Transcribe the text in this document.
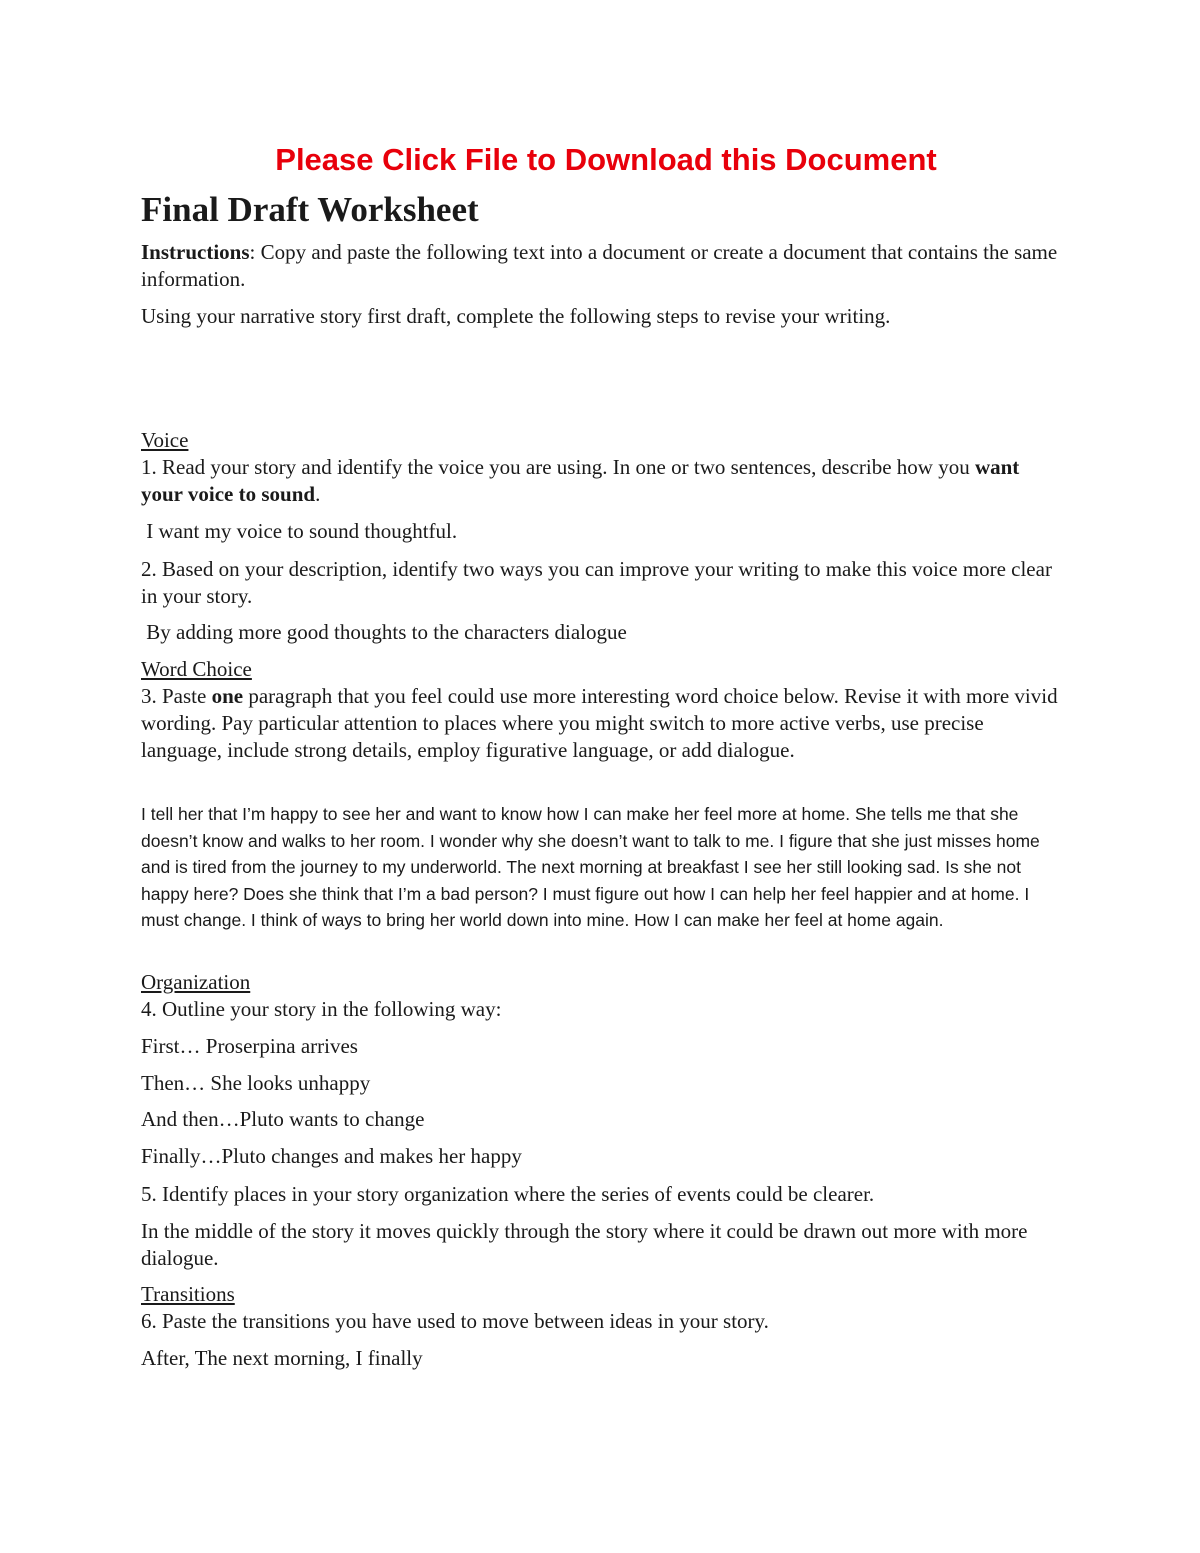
Please Click File to Download this Document
Final Draft Worksheet

Instructions: Copy and paste the following text into a document or create a document that contains the same information.

Using your narrative story first draft, complete the following steps to revise your writing.

Voice

1. Read your story and identify the voice you are using. In one or two sentences, describe how you want your voice to sound.

I want my voice to sound thoughtful.

2. Based on your description, identify two ways you can improve your writing to make this voice more clear in your story.

By adding more good thoughts to the characters dialogue

Word Choice

3. Paste one paragraph that you feel could use more interesting word choice below. Revise it with more vivid wording. Pay particular attention to places where you might switch to more active verbs, use precise language, include strong details, employ figurative language, or add dialogue.

I tell her that I’m happy to see her and want to know how I can make her feel more at home. She tells me that she doesn’t know and walks to her room. I wonder why she doesn’t want to talk to me. I figure that she just misses home and is tired from the journey to my underworld. The next morning at breakfast I see her still looking sad. Is she not happy here? Does she think that I’m a bad person? I must figure out how I can help her feel happier and at home. I must change. I think of ways to bring her world down into mine. How I can make her feel at home again.

Organization

4. Outline your story in the following way:

First… Proserpina arrives

Then… She looks unhappy

And then…Pluto wants to change

Finally…Pluto changes and makes her happy

5. Identify places in your story organization where the series of events could be clearer.

In the middle of the story it moves quickly through the story where it could be drawn out more with more dialogue.

Transitions

6. Paste the transitions you have used to move between ideas in your story.

After, The next morning, I finally
